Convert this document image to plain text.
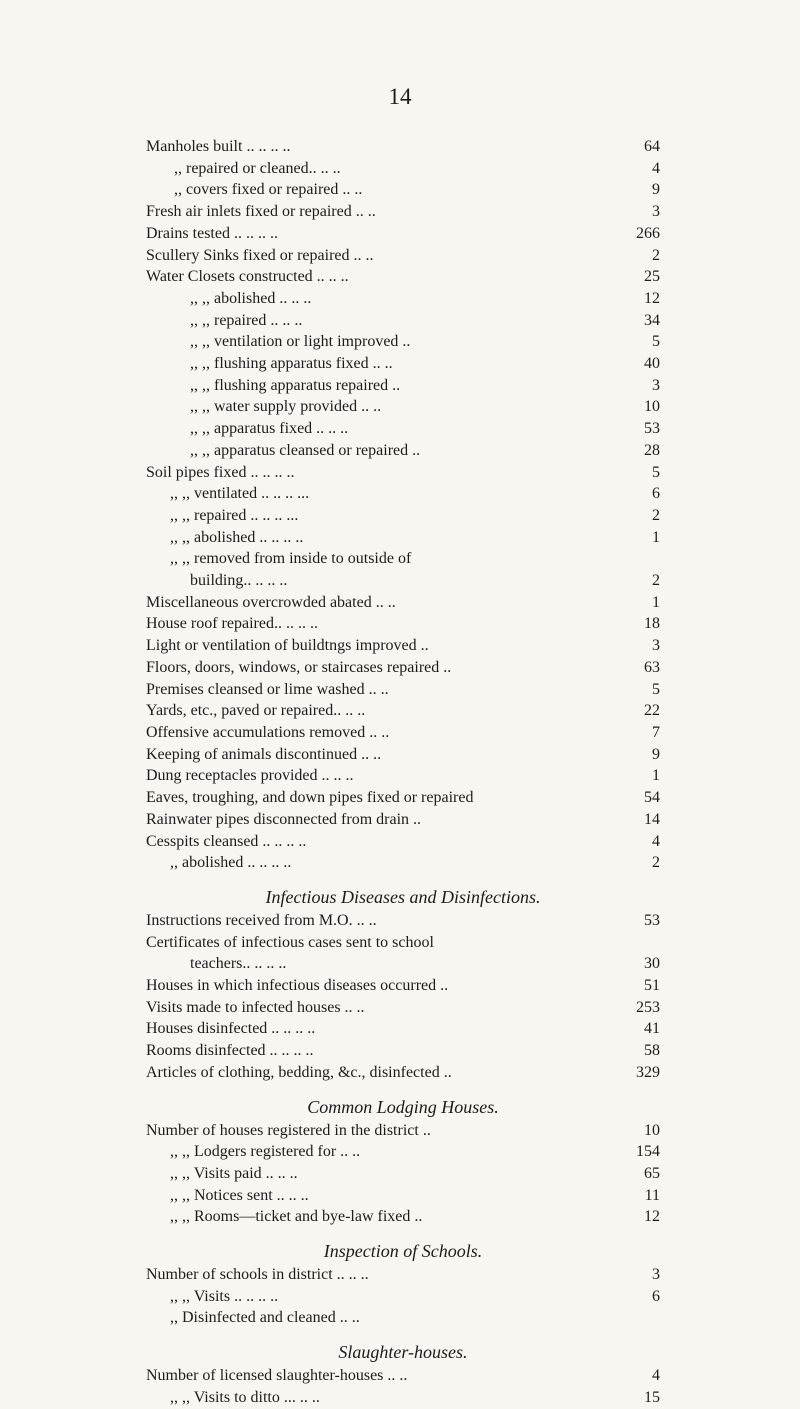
14
Manholes built .. .. .. ..	64
,, repaired or cleaned.. .. ..	4
,, covers fixed or repaired .. ..	9
Fresh air inlets fixed or repaired .. ..	3
Drains tested .. .. .. ..	266
Scullery Sinks fixed or repaired .. ..	2
Water Closets constructed .. .. ..	25
,, ,, abolished .. .. ..	12
,, ,, repaired .. .. ..	34
,, ,, ventilation or light improved ..	5
,, ,, flushing apparatus fixed .. ..	40
,, ,, flushing apparatus repaired ..	3
,, ,, water supply provided .. ..	10
,, ,, apparatus fixed .. .. ..	53
,, ,, apparatus cleansed or repaired ..	28
Soil pipes fixed .. .. .. ..	5
,, ,, ventilated .. .. .. ...	6
,, ,, repaired .. .. .. ...	2
,, ,, abolished .. .. .. ..	1
,, ,, removed from inside to outside of
building.. .. .. ..	2
Miscellaneous overcrowded abated .. ..	1
House roof repaired.. .. .. ..	18
Light or ventilation of buildtngs improved ..	3
Floors, doors, windows, or staircases repaired ..	63
Premises cleansed or lime washed .. ..	5
Yards, etc., paved or repaired.. .. ..	22
Offensive accumulations removed .. ..	7
Keeping of animals discontinued .. ..	9
Dung receptacles provided .. .. ..	1
Eaves, troughing, and down pipes fixed or repaired	54
Rainwater pipes disconnected from drain ..	14
Cesspits cleansed .. .. .. ..	4
,, abolished .. .. .. ..	2
Infectious Diseases and Disinfections.
Instructions received from M.O. .. ..	53
Certificates of infectious cases sent to school
teachers.. .. .. ..	30
Houses in which infectious diseases occurred ..	51
Visits made to infected houses .. ..	253
Houses disinfected .. .. .. ..	41
Rooms disinfected .. .. .. ..	58
Articles of clothing, bedding, &c., disinfected ..	329
Common Lodging Houses.
Number of houses registered in the district ..	10
,, ,, Lodgers registered for .. ..	154
,, ,, Visits paid .. .. ..	65
,, ,, Notices sent .. .. ..	11
,, ,, Rooms—ticket and bye-law fixed ..	12
Inspection of Schools.
Number of schools in district .. .. ..	3
,, ,, Visits .. .. .. ..	6
,, Disinfected and cleaned .. ..
Slaughter-houses.
Number of licensed slaughter-houses .. ..	4
,, ,, Visits to ditto ... .. ..	15
